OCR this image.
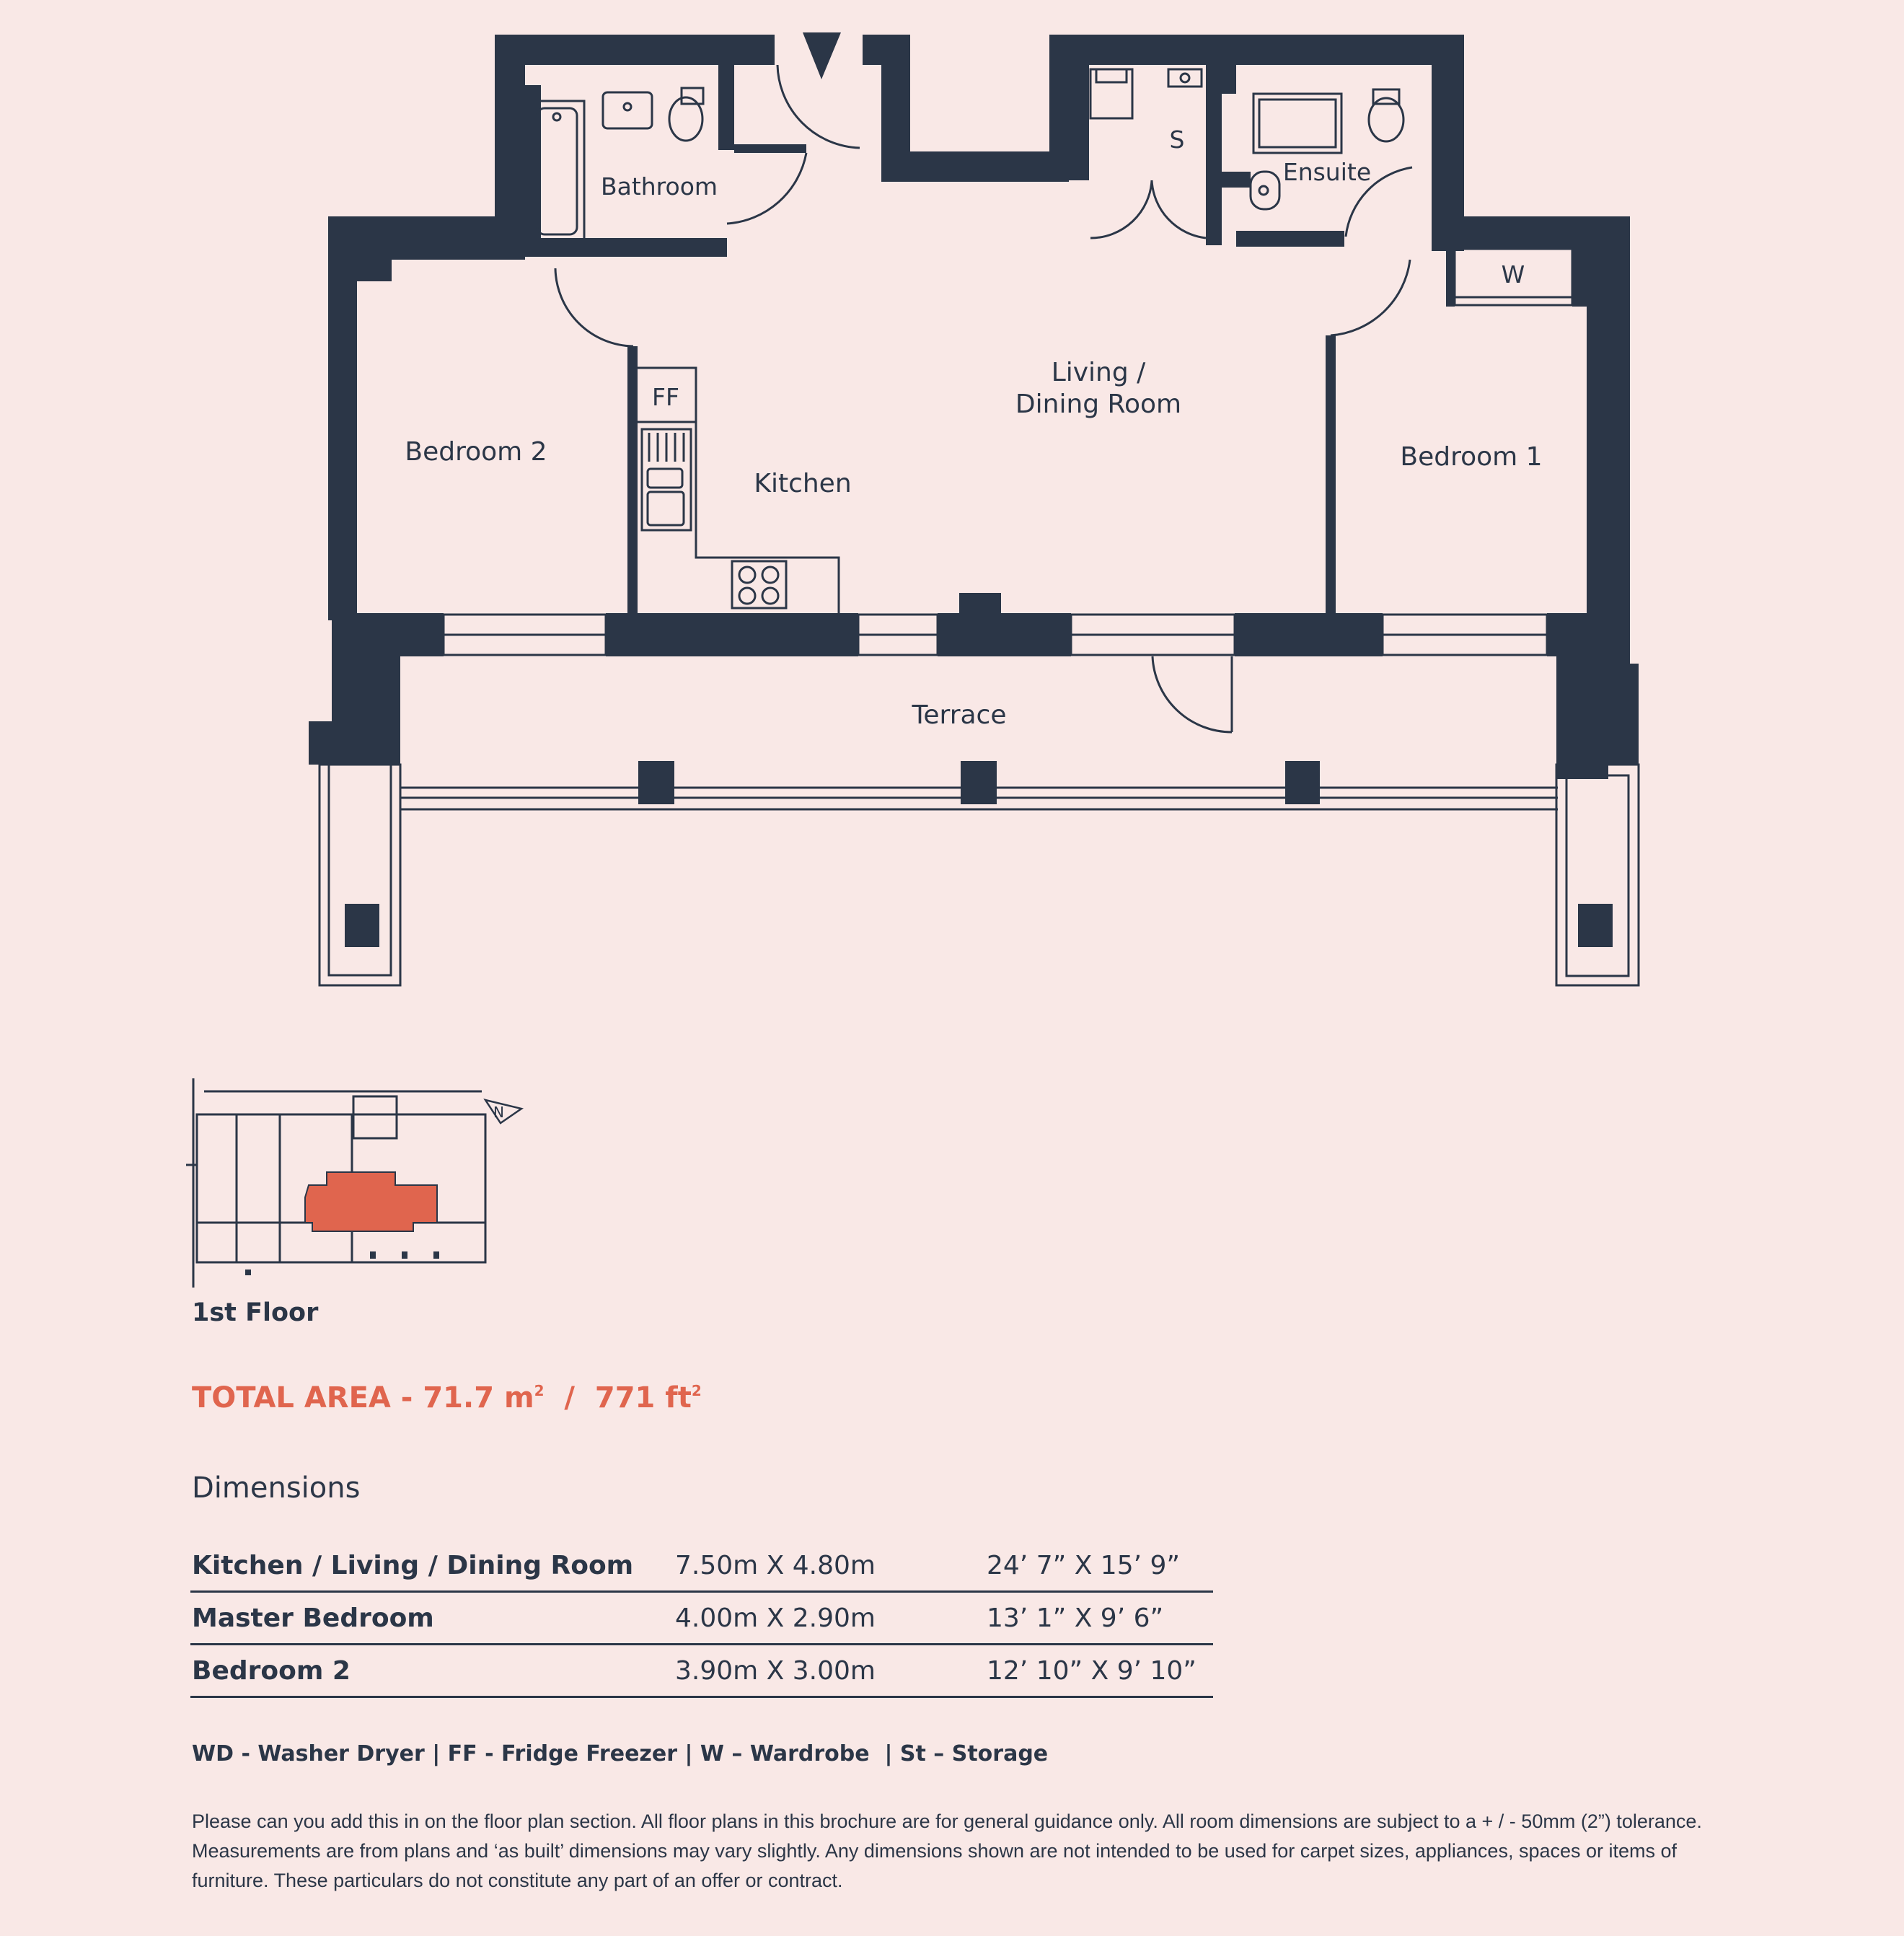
Bathroom
S
Ensuite
W
Living /
Dining Room
FF
Bedroom 2
Kitchen
Bedroom 1
Terrace
N
1st Floor
TOTAL AREA - 71.7 $m^2 / 771$ $ft^2$
Dimensions
Kitchen / Living / Dining Room	7.50m X 4.80m	24’ 7” X 15’ 9”
Master Bedroom	4.00m X 2.90m	13’ 1” X 9’ 6”
Bedroom 2	3.90m X 3.00m	12’ 10” X 9’ 10”
WD - Washer Dryer | FF - Fridge Freezer | W – Wardrobe  | St – Storage
Please can you add this in on the floor plan section. All floor plans in this brochure are for general guidance only. All room dimensions are subject to a + / - 50mm (2”) tolerance. Measurements are from plans and ‘as built’ dimensions may vary slightly. Any dimensions shown are not intended to be used for carpet sizes, appliances, spaces or items of furniture. These particulars do not constitute any part of an offer or contract.
